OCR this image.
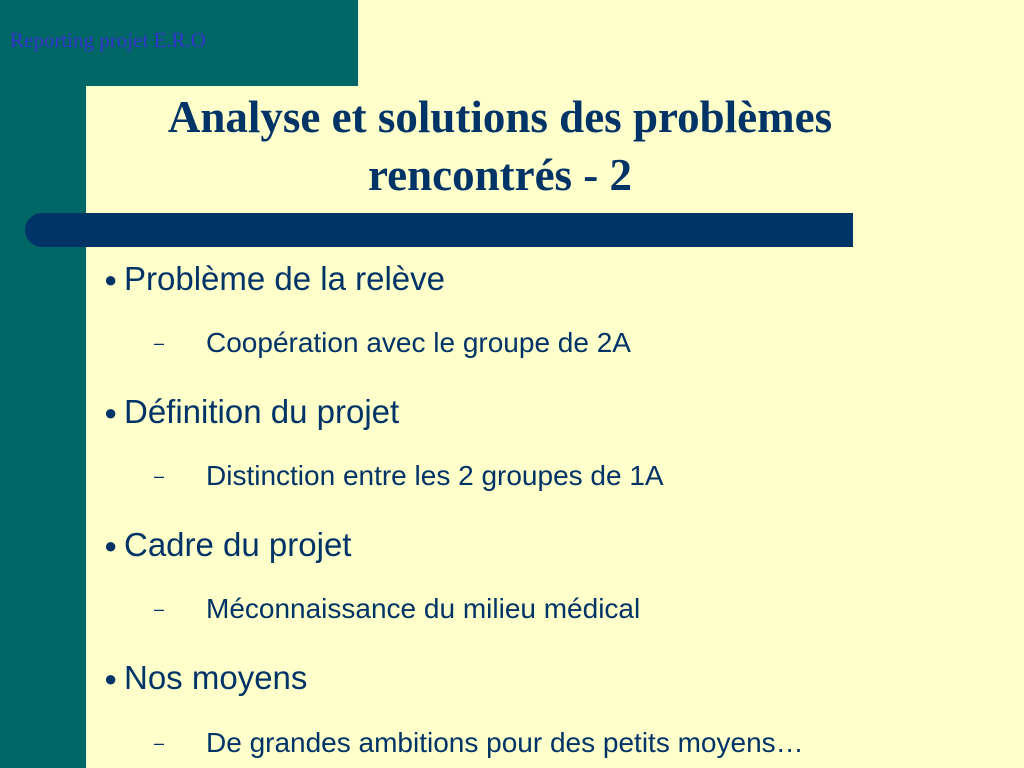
Reporting projet E.R.O
Analyse et solutions des problèmes
rencontrés - 2
● Problème de la relève
– Coopération avec le groupe de 2A
● Définition du projet
– Distinction entre les 2 groupes de 1A
● Cadre du projet
– Méconnaissance du milieu médical
● Nos moyens
– De grandes ambitions pour des petits moyens…
